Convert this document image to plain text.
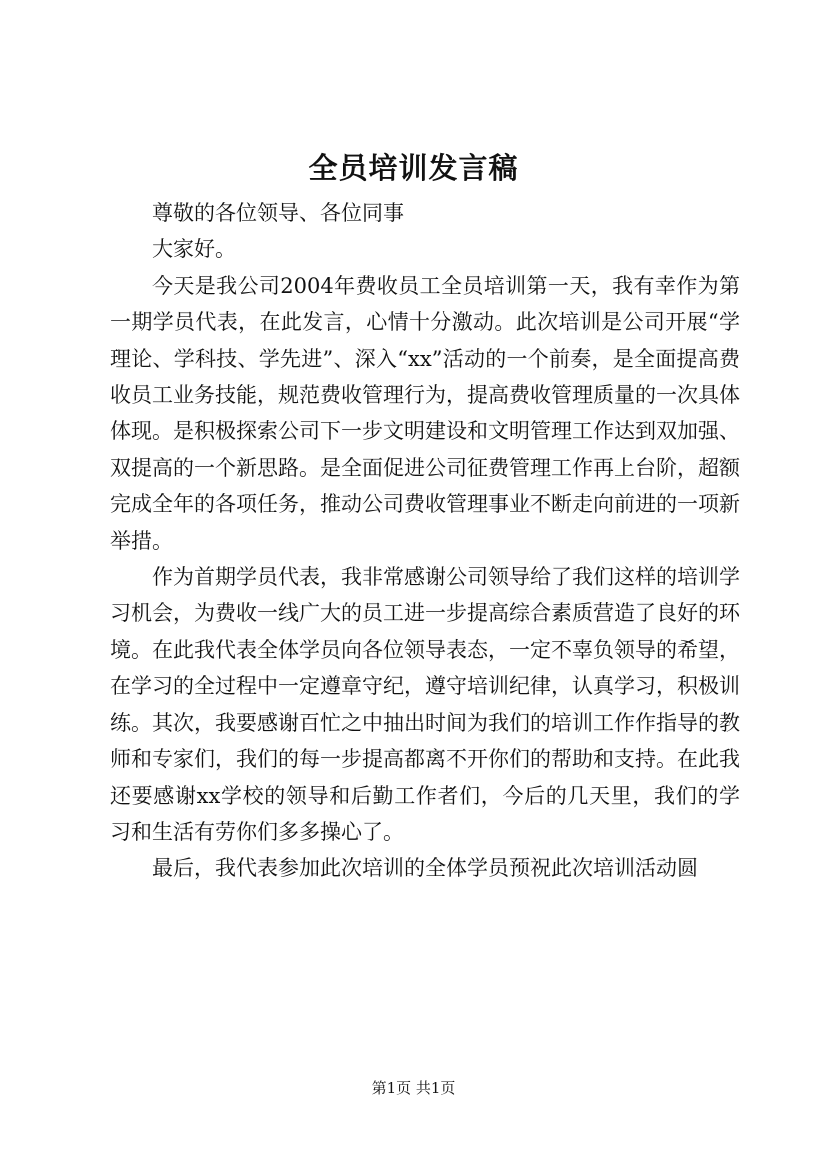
全员培训发言稿

尊敬的各位领导、各位同事

大家好。

今天是我公司2004年费收员工全员培训第一天，我有幸作为第一期学员代表，在此发言，心情十分激动。此次培训是公司开展“学理论、学科技、学先进”、深入“xx”活动的一个前奏，是全面提高费收员工业务技能，规范费收管理行为，提高费收管理质量的一次具体体现。是积极探索公司下一步文明建设和文明管理工作达到双加强、双提高的一个新思路。是全面促进公司征费管理工作再上台阶，超额完成全年的各项任务，推动公司费收管理事业不断走向前进的一项新举措。

作为首期学员代表，我非常感谢公司领导给了我们这样的培训学习机会，为费收一线广大的员工进一步提高综合素质营造了良好的环境。在此我代表全体学员向各位领导表态，一定不辜负领导的希望，在学习的全过程中一定遵章守纪，遵守培训纪律，认真学习，积极训练。其次，我要感谢百忙之中抽出时间为我们的培训工作作指导的教师和专家们，我们的每一步提高都离不开你们的帮助和支持。在此我还要感谢xx学校的领导和后勤工作者们，今后的几天里，我们的学习和生活有劳你们多多操心了。

最后，我代表参加此次培训的全体学员预祝此次培训活动圆

第1页 共1页
